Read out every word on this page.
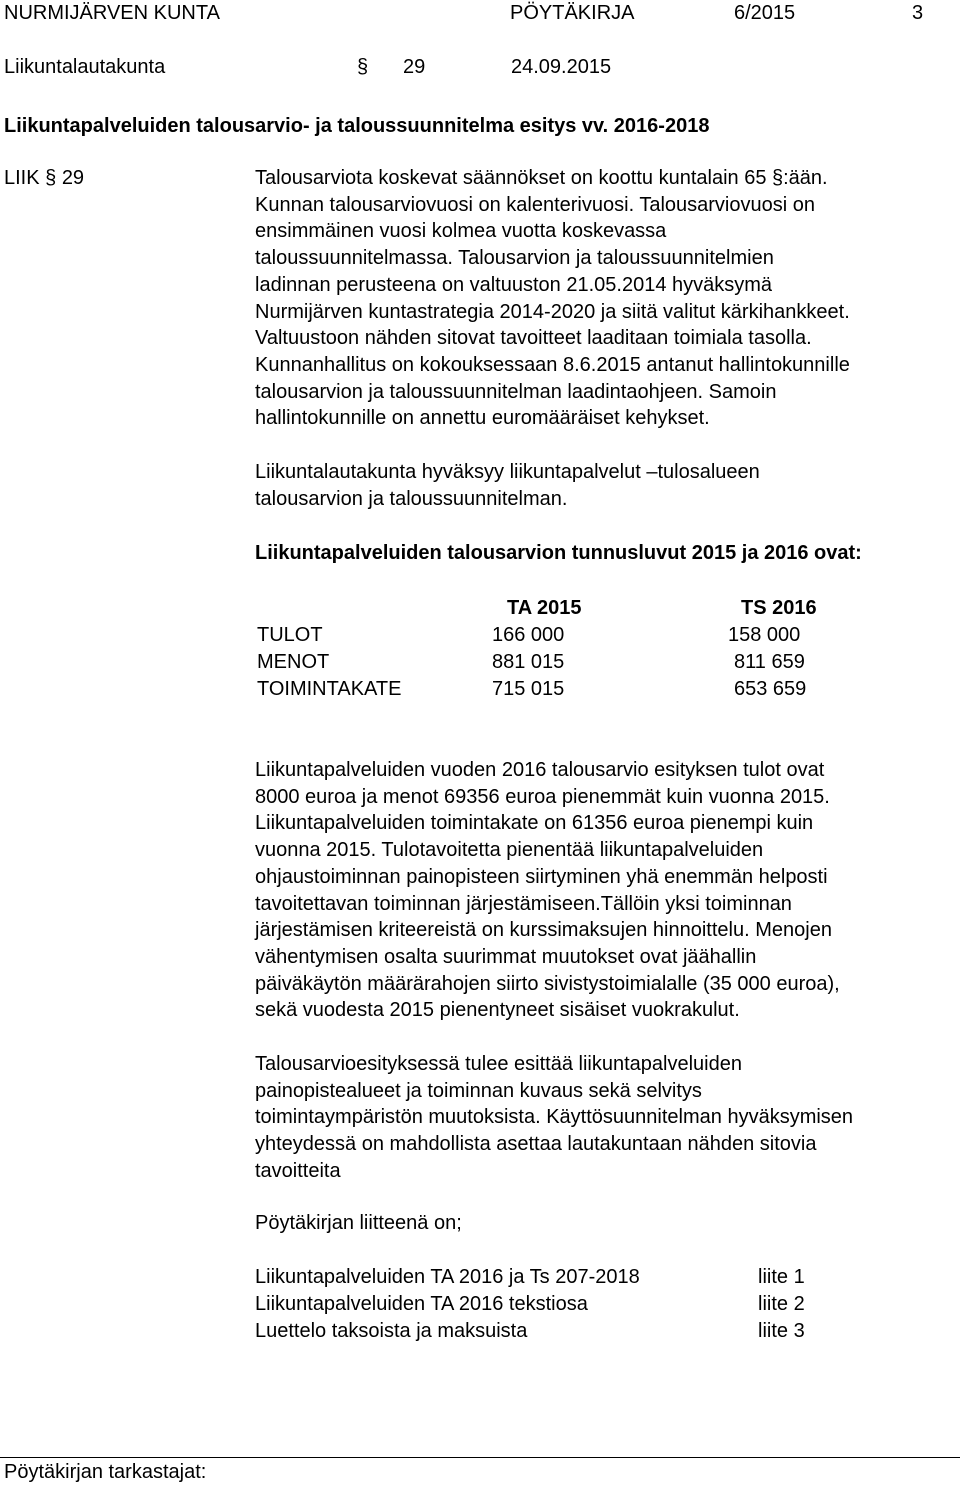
NURMIJÄRVEN KUNTA	PÖYTÄKIRJA	6/2015	3
Liikuntalautakunta	§ 29	24.09.2015
Liikuntapalveluiden talousarvio- ja taloussuunnitelma esitys vv. 2016-2018
LIIK § 29	Talousarviota koskevat säännökset on koottu kuntalain 65 §:ään.
Kunnan talousarviovuosi on kalenterivuosi. Talousarviovuosi on
ensimmäinen vuosi kolmea vuotta koskevassa
taloussuunnitelmassa. Talousarvion ja taloussuunnitelmien
ladinnan perusteena on valtuuston 21.05.2014 hyväksymä
Nurmijärven kuntastrategia 2014-2020 ja siitä valitut kärkihankkeet.
Valtuustoon nähden sitovat tavoitteet laaditaan toimiala tasolla.
Kunnanhallitus on kokouksessaan 8.6.2015 antanut hallintokunnille
talousarvion ja taloussuunnitelman laadintaohjeen. Samoin
hallintokunnille on annettu euromääräiset kehykset.
Liikuntalautakunta hyväksyy liikuntapalvelut –tulosalueen
talousarvion ja taloussuunnitelman.
Liikuntapalveluiden talousarvion tunnusluvut 2015 ja 2016 ovat:
TA 2015	TS 2016
TULOT	166 000	158 000
MENOT	881 015	811 659
TOIMINTAKATE	715 015	653 659
Liikuntapalveluiden vuoden 2016 talousarvio esityksen tulot ovat
8000 euroa ja menot 69356 euroa pienemmät kuin vuonna 2015.
Liikuntapalveluiden toimintakate on 61356 euroa pienempi kuin
vuonna 2015. Tulotavoitetta pienentää liikuntapalveluiden
ohjaustoiminnan painopisteen siirtyminen yhä enemmän helposti
tavoitettavan toiminnan järjestämiseen.Tällöin yksi toiminnan
järjestämisen kriteereistä on kurssimaksujen hinnoittelu. Menojen
vähentymisen osalta suurimmat muutokset ovat jäähallin
päiväkäytön määrärahojen siirto sivistystoimialalle (35 000 euroa),
sekä vuodesta 2015 pienentyneet sisäiset vuokrakulut.
Talousarvioesityksessä tulee esittää liikuntapalveluiden
painopistealueet ja toiminnan kuvaus sekä selvitys
toimintaympäristön muutoksista. Käyttösuunnitelman hyväksymisen
yhteydessä on mahdollista asettaa lautakuntaan nähden sitovia
tavoitteita
Pöytäkirjan liitteenä on;
Liikuntapalveluiden TA 2016 ja Ts 207-2018	liite 1
Liikuntapalveluiden TA 2016 tekstiosa	liite 2
Luettelo taksoista ja maksuista	liite 3
Pöytäkirjan tarkastajat:
